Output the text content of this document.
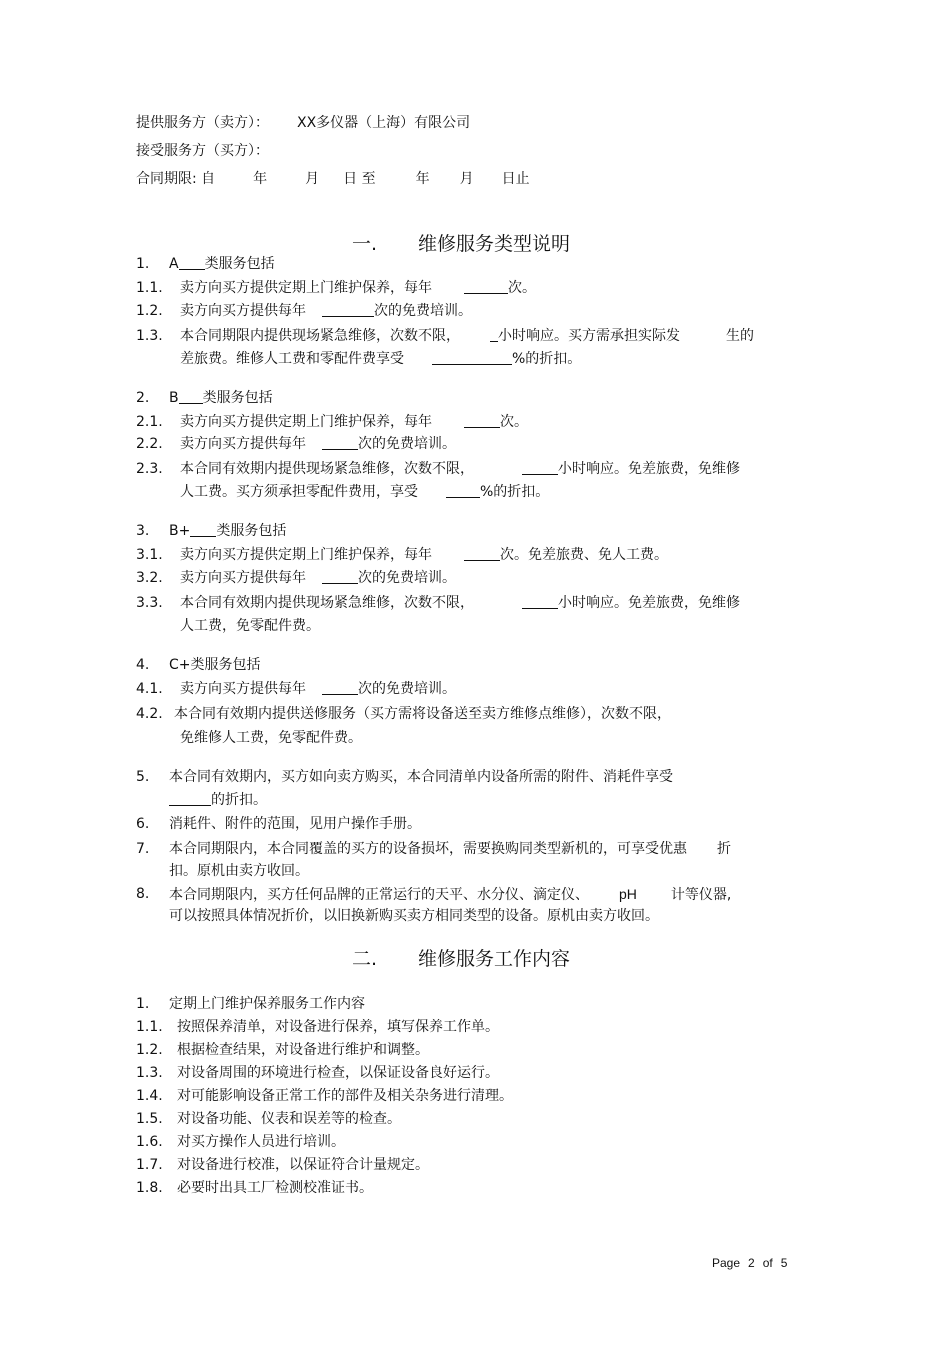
提供服务方（卖方）： XX多仪器（上海）有限公司
接受服务方（买方）：
合同期限: 自	年	月 日 至	年 月 日止
一. 维修服务类型说明
1. A 类服务包括
1.1. 卖方向买方提供定期上门维护保养，每年	次。
1.2. 卖方向买方提供每年	次的免费培训。
1.3. 本合同期限内提供现场紧急维修，次数不限，	小时响应。买方需承担实际发	生的
差旅费。维修人工费和零配件费享受	%的折扣。
2. B 类服务包括
2.1. 卖方向买方提供定期上门维护保养，每年	次。
2.2. 卖方向买方提供每年	次的免费培训。
2.3. 本合同有效期内提供现场紧急维修，次数不限，	小时响应。免差旅费，免维修
人工费。买方须承担零配件费用，享受	%的折扣。
3. B+ 类服务包括
3.1. 卖方向买方提供定期上门维护保养，每年	次。免差旅费、免人工费。
3.2. 卖方向买方提供每年	次的免费培训。
3.3. 本合同有效期内提供现场紧急维修，次数不限，	小时响应。免差旅费，免维修
人工费，免零配件费。
4. C+类服务包括
4.1. 卖方向买方提供每年	次的免费培训。
4.2. 本合同有效期内提供送修服务（买方需将设备送至卖方维修点维修），次数不限，
免维修人工费，免零配件费。
5. 本合同有效期内，买方如向卖方购买，本合同清单内设备所需的附件、消耗件享受
的折扣。
6. 消耗件、附件的范围，见用户操作手册。
7. 本合同期限内，本合同覆盖的买方的设备损坏，需要换购同类型新机的，可享受优惠 折
扣。原机由卖方收回。
8. 本合同期限内，买方任何品牌的正常运行的天平、水分仪、滴定仪、 pH 计等仪器,
可以按照具体情况折价，以旧换新购买卖方相同类型的设备。原机由卖方收回。
二. 维修服务工作内容
1. 定期上门维护保养服务工作内容
1.1. 按照保养清单，对设备进行保养，填写保养工作单。
1.2. 根据检查结果，对设备进行维护和调整。
1.3. 对设备周围的环境进行检查，以保证设备良好运行。
1.4. 对可能影响设备正常工作的部件及相关杂务进行清理。
1.5. 对设备功能、仪表和误差等的检查。
1.6. 对买方操作人员进行培训。
1.7. 对设备进行校准，以保证符合计量规定。
1.8. 必要时出具工厂检测校准证书。
Page 2 of 5
